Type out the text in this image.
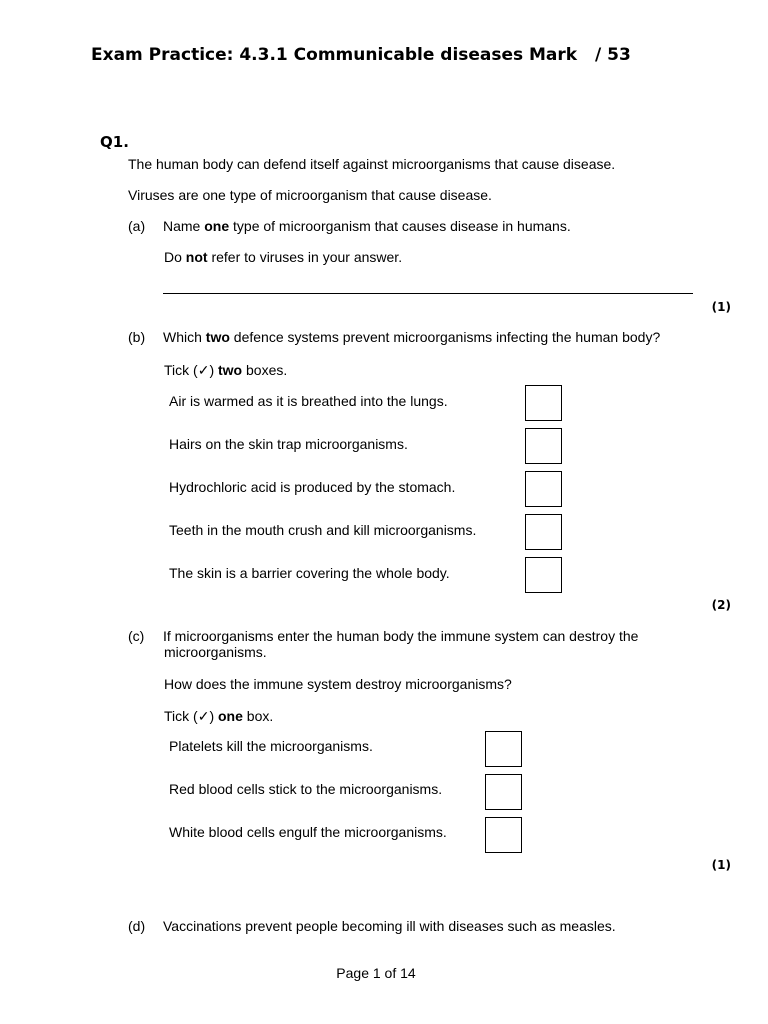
Exam Practice: 4.3.1 Communicable diseases Mark / 53
Q1.
The human body can defend itself against microorganisms that cause disease.
Viruses are one type of microorganism that cause disease.
(a) Name one type of microorganism that causes disease in humans.
Do not refer to viruses in your answer.
(1)
(b) Which two defence systems prevent microorganisms infecting the human body?
Tick (✓) two boxes.
Air is warmed as it is breathed into the lungs.
Hairs on the skin trap microorganisms.
Hydrochloric acid is produced by the stomach.
Teeth in the mouth crush and kill microorganisms.
The skin is a barrier covering the whole body.
(2)
(c) If microorganisms enter the human body the immune system can destroy the
microorganisms.
How does the immune system destroy microorganisms?
Tick (✓) one box.
Platelets kill the microorganisms.
Red blood cells stick to the microorganisms.
White blood cells engulf the microorganisms.
(1)
(d) Vaccinations prevent people becoming ill with diseases such as measles.
Page 1 of 14
